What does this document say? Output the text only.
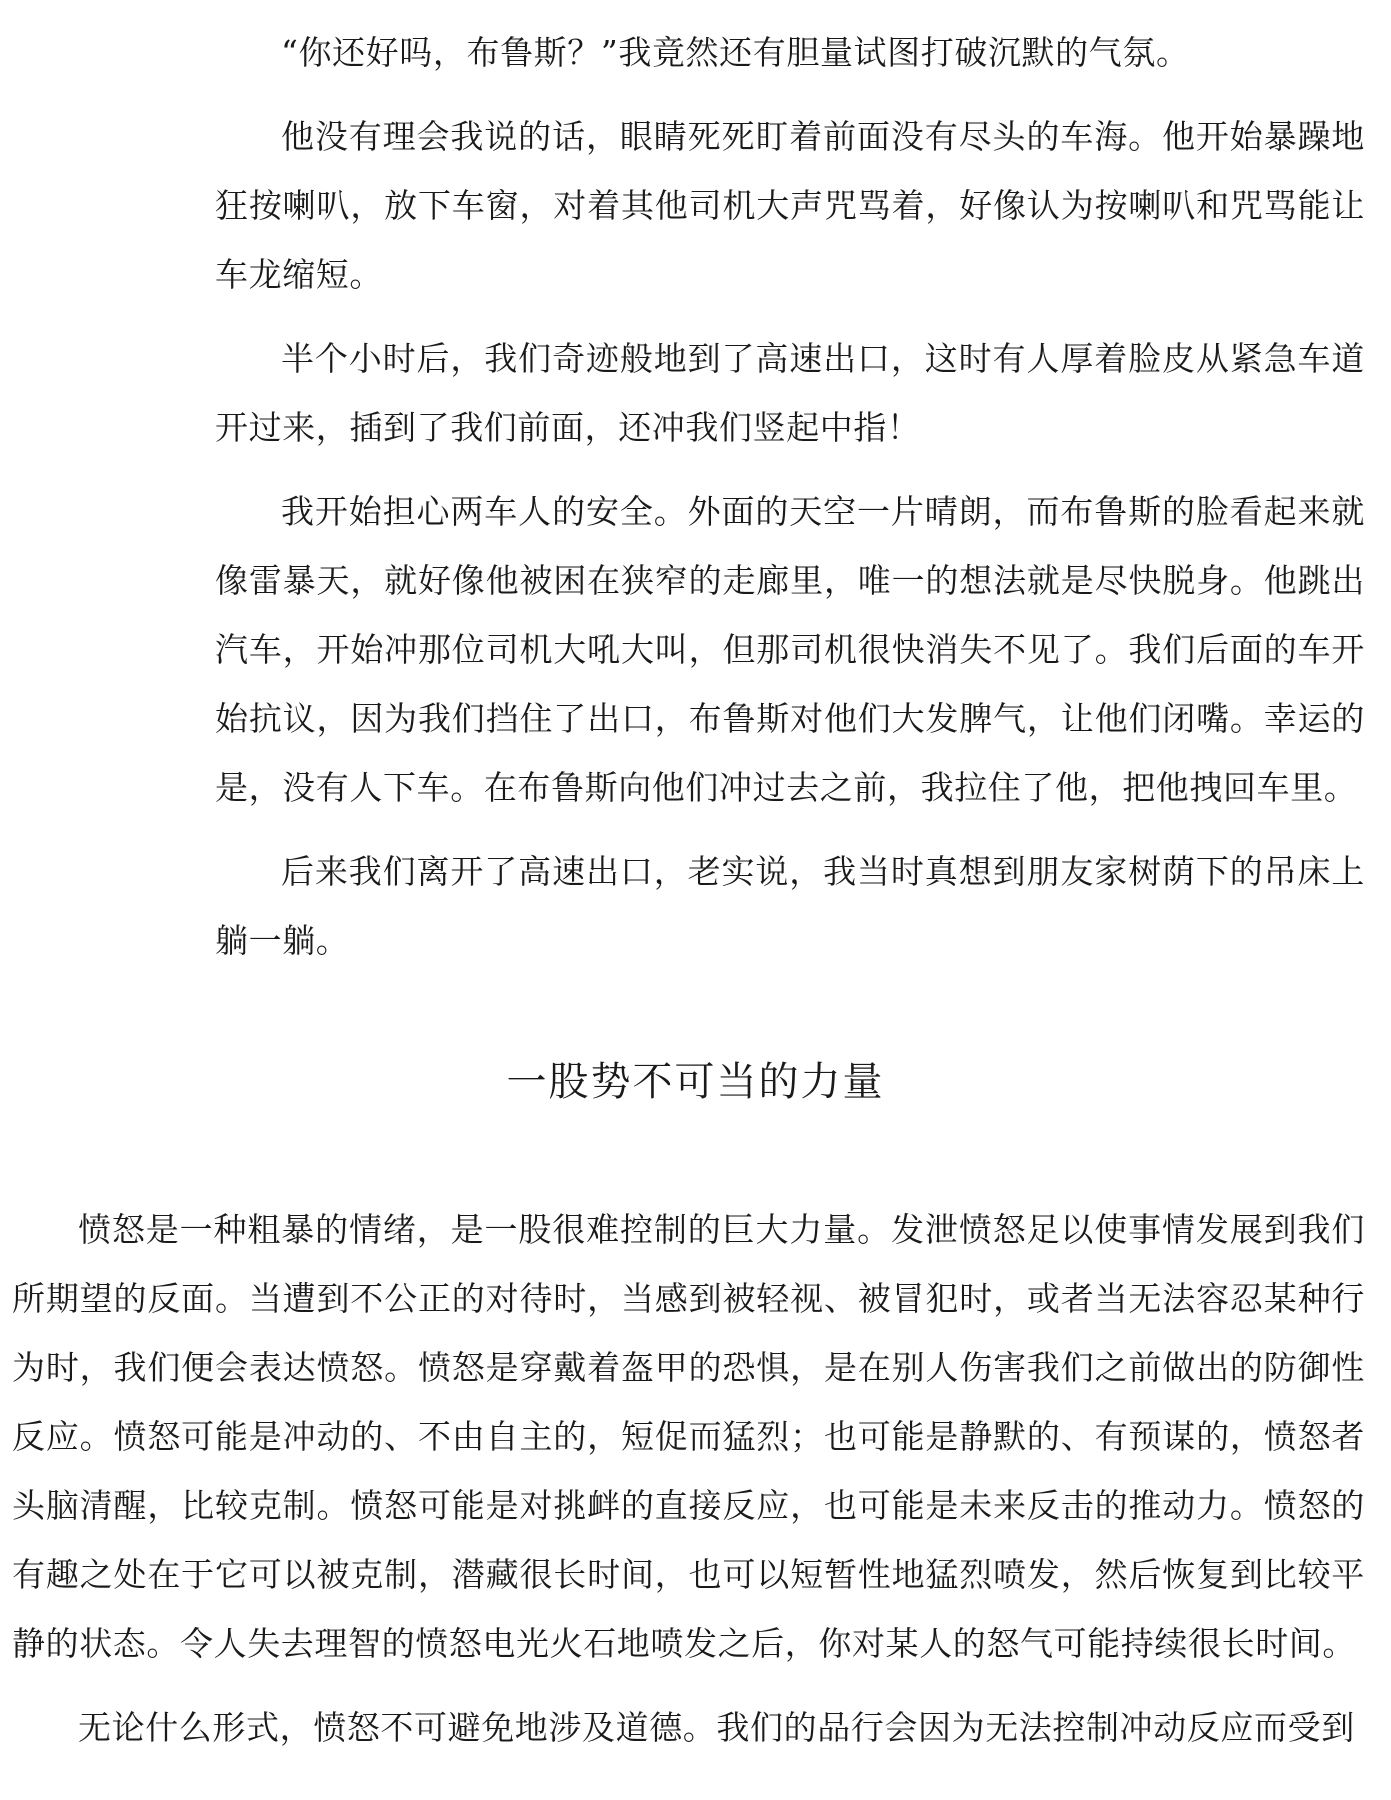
“你还好吗，布鲁斯？”我竟然还有胆量试图打破沉默的气氛。

他没有理会我说的话，眼睛死死盯着前面没有尽头的车海。他开始暴躁地狂按喇叭，放下车窗，对着其他司机大声咒骂着，好像认为按喇叭和咒骂能让车龙缩短。

半个小时后，我们奇迹般地到了高速出口，这时有人厚着脸皮从紧急车道开过来，插到了我们前面，还冲我们竖起中指！

我开始担心两车人的安全。外面的天空一片晴朗，而布鲁斯的脸看起来就像雷暴天，就好像他被困在狭窄的走廊里，唯一的想法就是尽快脱身。他跳出汽车，开始冲那位司机大吼大叫，但那司机很快消失不见了。我们后面的车开始抗议，因为我们挡住了出口，布鲁斯对他们大发脾气，让他们闭嘴。幸运的是，没有人下车。在布鲁斯向他们冲过去之前，我拉住了他，把他拽回车里。

后来我们离开了高速出口，老实说，我当时真想到朋友家树荫下的吊床上躺一躺。

一股势不可当的力量

愤怒是一种粗暴的情绪，是一股很难控制的巨大力量。发泄愤怒足以使事情发展到我们所期望的反面。当遭到不公正的对待时，当感到被轻视、被冒犯时，或者当无法容忍某种行为时，我们便会表达愤怒。愤怒是穿戴着盔甲的恐惧，是在别人伤害我们之前做出的防御性反应。愤怒可能是冲动的、不由自主的，短促而猛烈；也可能是静默的、有预谋的，愤怒者头脑清醒，比较克制。愤怒可能是对挑衅的直接反应，也可能是未来反击的推动力。愤怒的有趣之处在于它可以被克制，潜藏很长时间，也可以短暂性地猛烈喷发，然后恢复到比较平静的状态。令人失去理智的愤怒电光火石地喷发之后，你对某人的怒气可能持续很长时间。

无论什么形式，愤怒不可避免地涉及道德。我们的品行会因为无法控制冲动反应而受到
